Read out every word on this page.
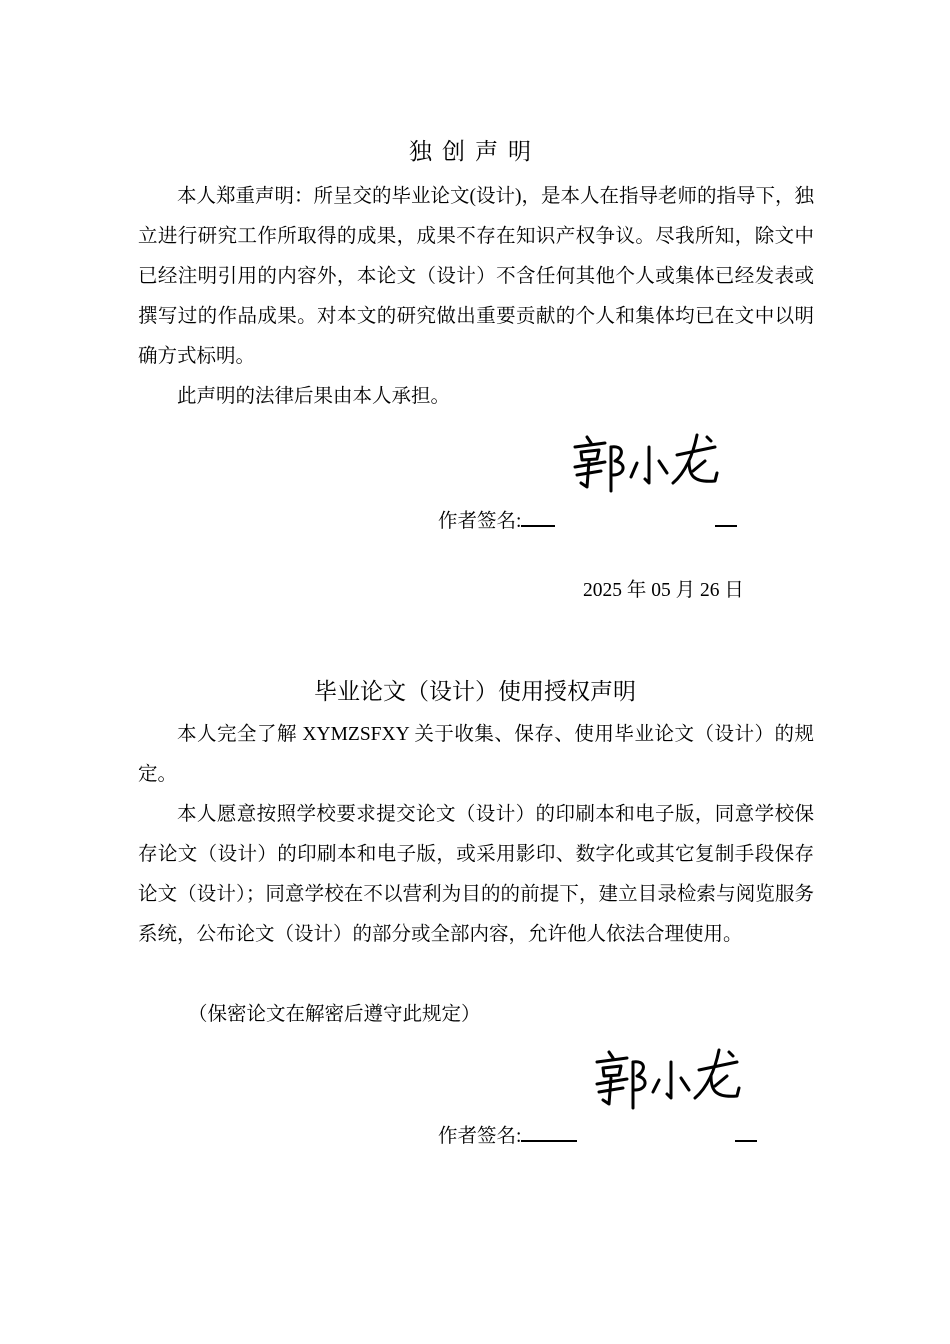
独创声明

本人郑重声明：所呈交的毕业论文(设计)，是本人在指导老师的指导下，独立进行研究工作所取得的成果，成果不存在知识产权争议。尽我所知，除文中已经注明引用的内容外，本论文（设计）不含任何其他个人或集体已经发表或撰写过的作品成果。对本文的研究做出重要贡献的个人和集体均已在文中以明确方式标明。

此声明的法律后果由本人承担。

作者签名:
2025 年 05 月 26 日
毕业论文（设计）使用授权声明

本人完全了解 XYMZSFXY 关于收集、保存、使用毕业论文（设计）的规定。

本人愿意按照学校要求提交论文（设计）的印刷本和电子版，同意学校保存论文（设计）的印刷本和电子版，或采用影印、数字化或其它复制手段保存论文（设计）；同意学校在不以营利为目的的前提下，建立目录检索与阅览服务系统，公布论文（设计）的部分或全部内容，允许他人依法合理使用。

（保密论文在解密后遵守此规定）
作者签名:
